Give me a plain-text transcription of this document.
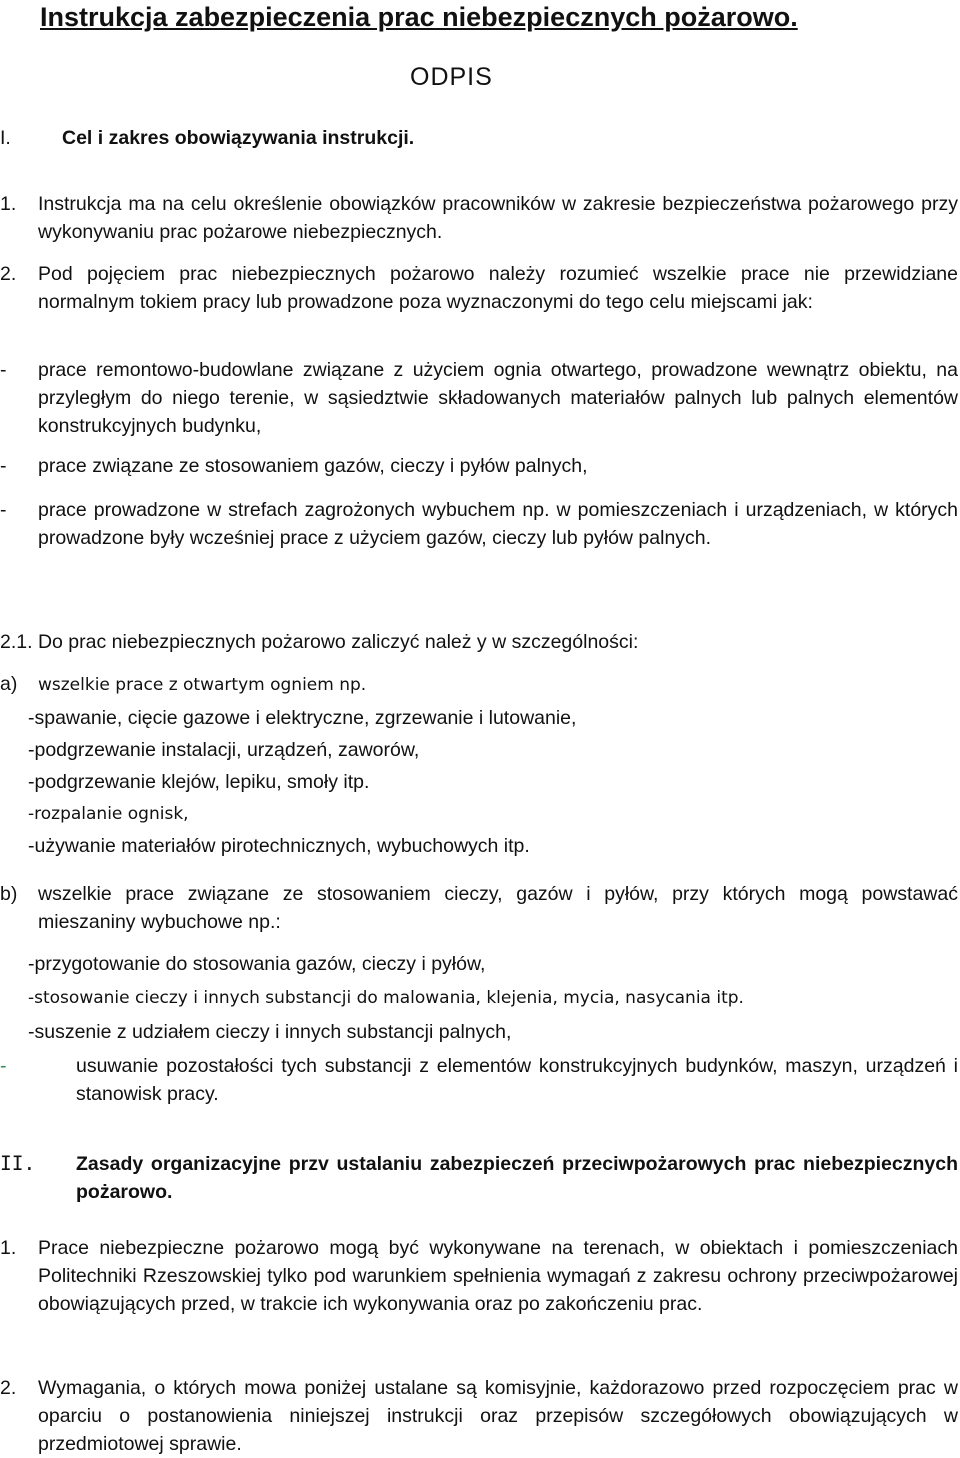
Instrukcja zabezpieczenia prac niebezpiecznych pożarowo.
ODPIS
I.	Cel i zakres obowiązywania instrukcji.
1. Instrukcja ma na celu określenie obowiązków pracowników w zakresie bezpieczeństwa pożarowego przy wykonywaniu prac pożarowe niebezpiecznych.
2. Pod pojęciem prac niebezpiecznych pożarowo należy rozumieć wszelkie prace nie przewidziane normalnym tokiem pracy lub prowadzone poza wyznaczonymi do tego celu miejscami jak:
- prace remontowo-budowlane związane z użyciem ognia otwartego, prowadzone wewnątrz obiektu, na przyległym do niego terenie, w sąsiedztwie składowanych materiałów palnych lub palnych elementów konstrukcyjnych budynku,
- prace związane ze stosowaniem gazów, cieczy i pyłów palnych,
- prace prowadzone w strefach zagrożonych wybuchem np. w pomieszczeniach i urządzeniach, w których prowadzone były wcześniej prace z użyciem gazów, cieczy lub pyłów palnych.
2.1. Do prac niebezpiecznych pożarowo zaliczyć należ y w szczególności:
a) wszelkie prace z otwartym ogniem np.
-spawanie, cięcie gazowe i elektryczne, zgrzewanie i lutowanie,
-podgrzewanie instalacji, urządzeń, zaworów,
-podgrzewanie klejów, lepiku, smoły itp.
-rozpalanie ognisk,
-używanie materiałów pirotechnicznych, wybuchowych itp.
b) wszelkie prace związane ze stosowaniem cieczy, gazów i pyłów, przy których mogą powstawać mieszaniny wybuchowe np.:
-przygotowanie do stosowania gazów, cieczy i pyłów,
-stosowanie cieczy i innych substancji do malowania, klejenia, mycia, nasycania itp.
-suszenie z udziałem cieczy i innych substancji palnych,
-	usuwanie pozostałości tych substancji z elementów konstrukcyjnych budynków, maszyn, urządzeń i stanowisk pracy.
II. Zasady organizacyjne przv ustalaniu zabezpieczeń przeciwpożarowych prac niebezpiecznych pożarowo.
1. Prace niebezpieczne pożarowo mogą być wykonywane na terenach, w obiektach i pomieszczeniach Politechniki Rzeszowskiej tylko pod warunkiem spełnienia wymagań z zakresu ochrony przeciwpożarowej obowiązujących przed, w trakcie ich wykonywania oraz po zakończeniu prac.
2. Wymagania, o których mowa poniżej ustalane są komisyjnie, każdorazowo przed rozpoczęciem prac w oparciu o postanowienia niniejszej instrukcji oraz przepisów szczegółowych obowiązujących w przedmiotowej sprawie.
